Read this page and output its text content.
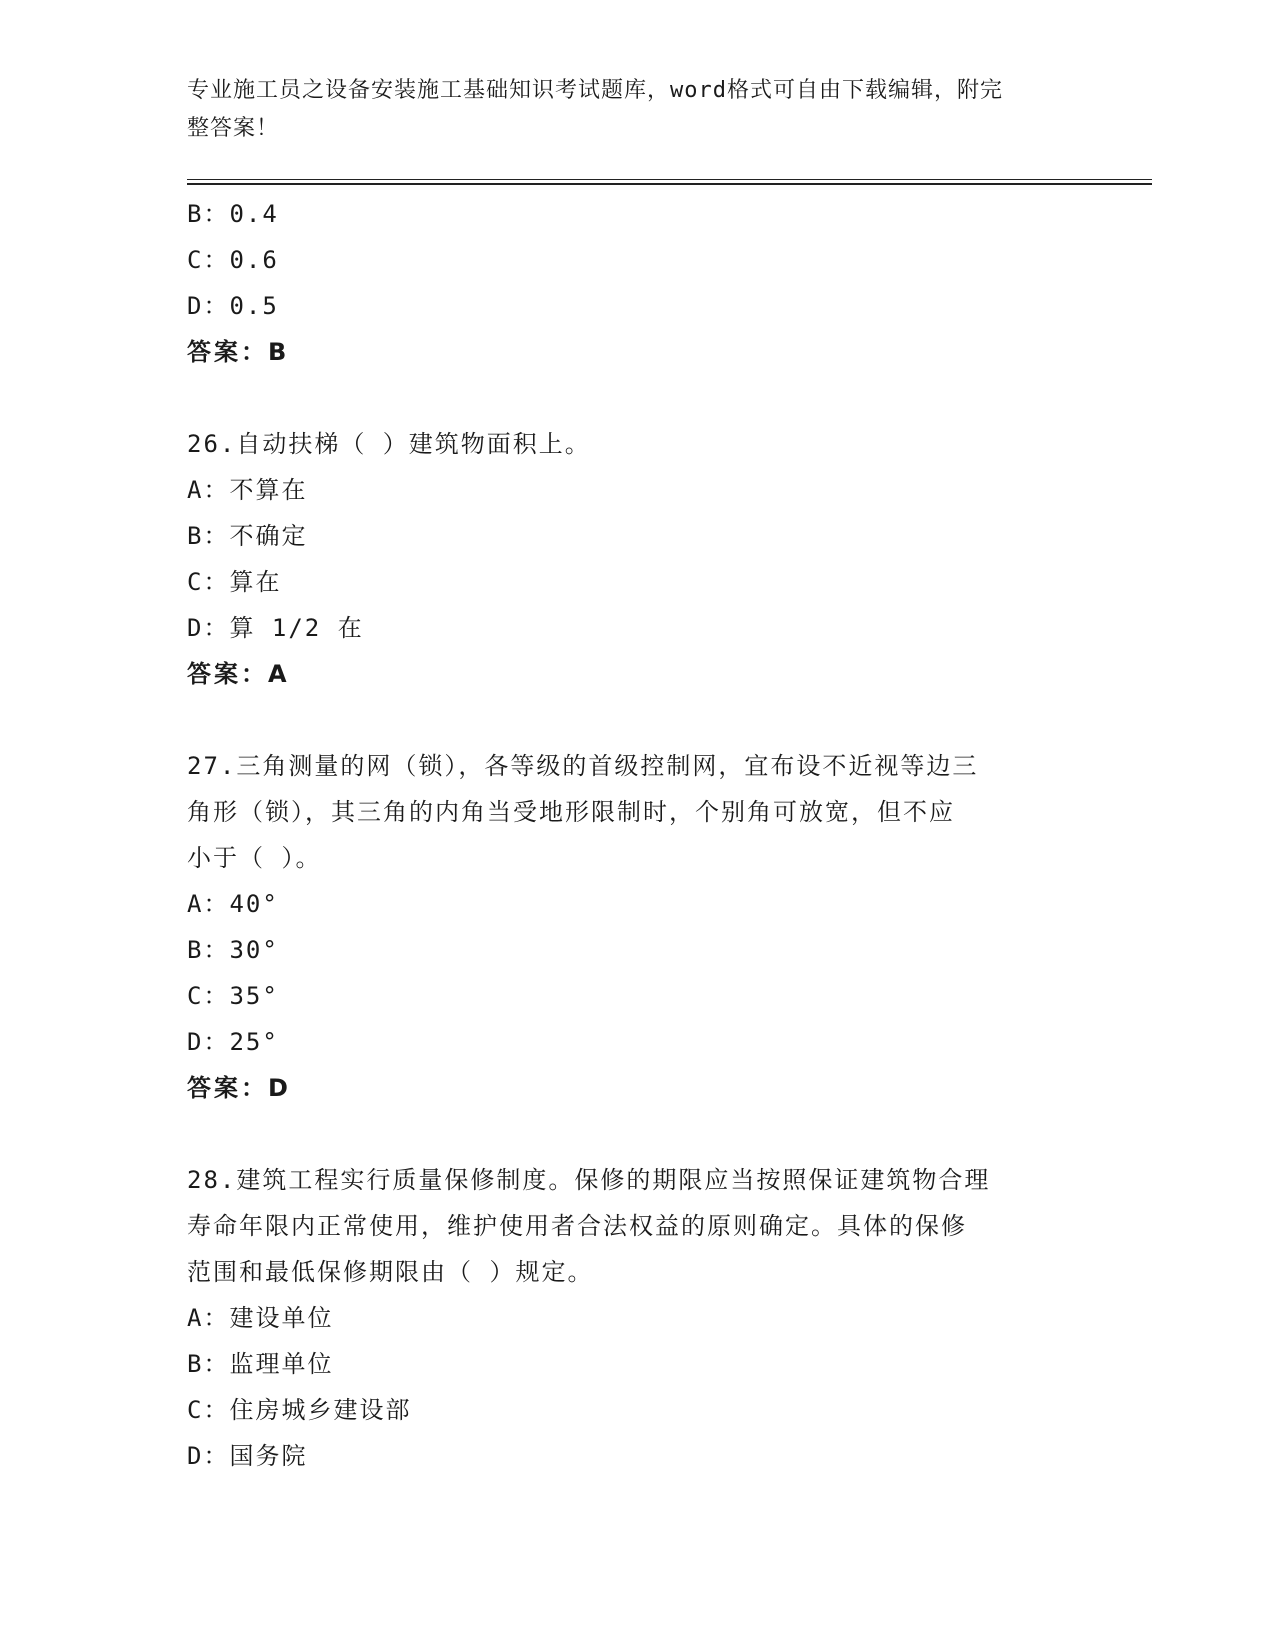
专业施工员之设备安装施工基础知识考试题库，word格式可自由下载编辑，附完
整答案！
B：0.4
C：0.6
D：0.5
答案：B
26.自动扶梯（ ）建筑物面积上。
A：不算在
B：不确定
C：算在
D：算 1/2 在
答案：A
27.三角测量的网（锁），各等级的首级控制网，宜布设不近视等边三
角形（锁），其三角的内角当受地形限制时，个别角可放宽，但不应
小于（ ）。
A：40°
B：30°
C：35°
D：25°
答案：D
28.建筑工程实行质量保修制度。保修的期限应当按照保证建筑物合理
寿命年限内正常使用，维护使用者合法权益的原则确定。具体的保修
范围和最低保修期限由（ ）规定。
A：建设单位
B：监理单位
C：住房城乡建设部
D：国务院
